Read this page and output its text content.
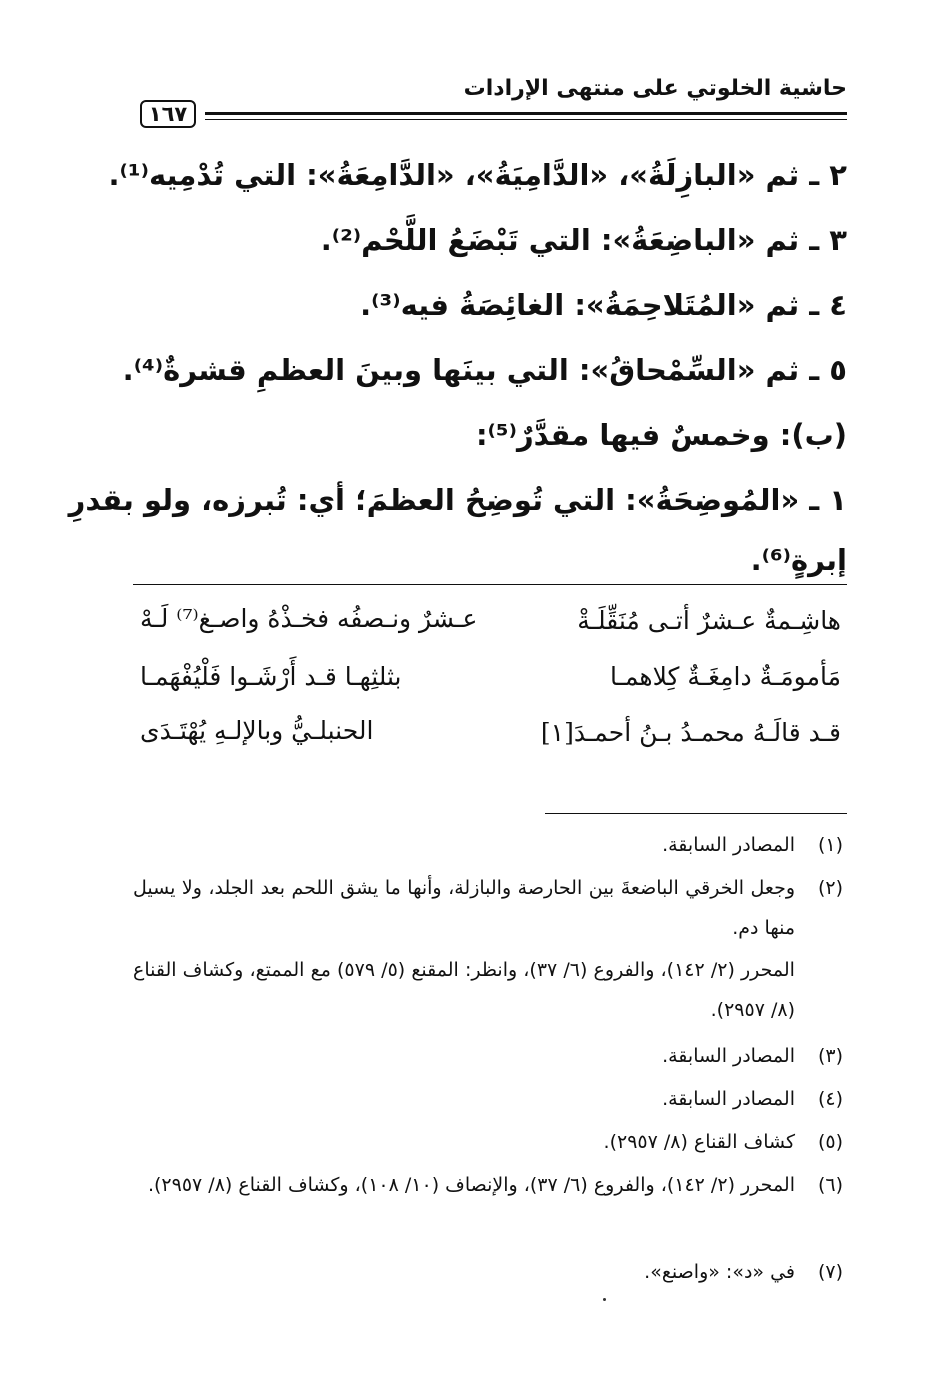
حاشية الخلوتي على منتهى الإرادات
١٦٧
٢ ـ ثم «البازِلَةُ»، «الدَّامِيَةُ»، «الدَّامِعَةُ»: التي تُدْمِيه⁽¹⁾.
٣ ـ ثم «الباضِعَةُ»: التي تَبْضَعُ اللَّحْم⁽²⁾.
٤ ـ ثم «المُتَلاحِمَةُ»: الغائِصَةُ فيه⁽³⁾.
٥ ـ ثم «السِّمْحاقُ»: التي بينَها وبينَ العظمِ قشرةٌ⁽⁴⁾.
(ب): وخمسٌ فيها مقدَّرٌ⁽⁵⁾:
١ ـ «المُوضِحَةُ»: التي تُوضِحُ العظمَ؛ أي: تُبرزه، ولو بقدرِ
إبرةٍ⁽⁶⁾.
هاشِـمةٌ عـشرٌ أتـى مُنَقِّلَـةْ
عـشرٌ ونـصفُه فخـذْهُ واصـغ⁽⁷⁾ لَـهْ
مَأمومَـةٌ دامِغَـةٌ كِلاهمـا
بثلثِهـا قـد أَرْشَـوا فَلْيُفْهَمـا
قـد قالَـهُ محمـدُ بـنُ أحمـدَ[١]
الحنبلـيُّ وبالإلـهِ يُهْتَـدَى
(١)المصادر السابقة.
(٢)
وجعل الخرقي الباضعةَ بين الحارصة والبازلة، وأنها ما يشق اللحم بعد الجلد، ولا يسيل منها دم.
المحرر (٢/ ١٤٢)، والفروع (٦/ ٣٧)، وانظر: المقنع (٥/ ٥٧٩) مع الممتع، وكشاف القناع (٨/ ٢٩٥٧).
(٣)المصادر السابقة.
(٤)المصادر السابقة.
(٥)كشاف القناع (٨/ ٢٩٥٧).
(٦)
المحرر (٢/ ١٤٢)، والفروع (٦/ ٣٧)، والإنصاف (١٠/ ١٠٨)، وكشاف القناع (٨/ ٢٩٥٧).
(٧)في «د»: «واصنع».
